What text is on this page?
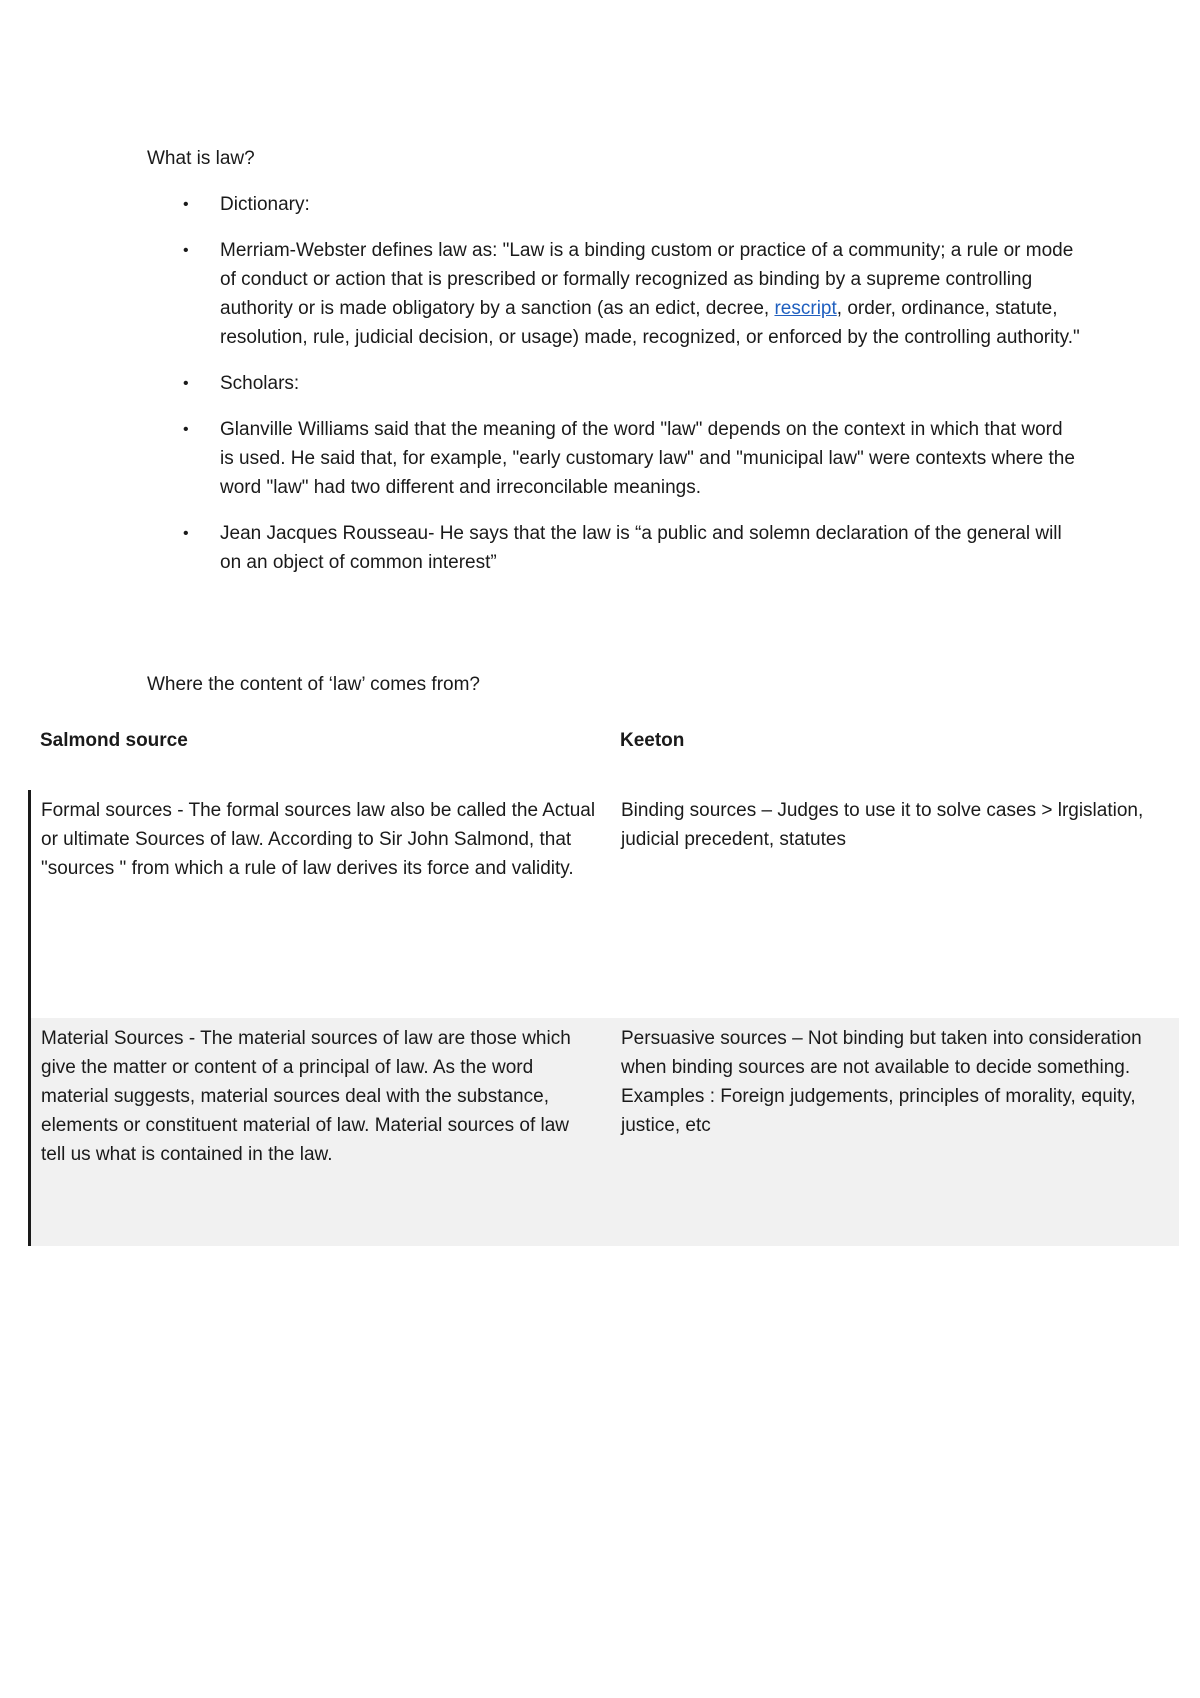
What is law?

• Dictionary:
• Merriam-Webster defines law as: "Law is a binding custom or practice of a community; a rule or mode of conduct or action that is prescribed or formally recognized as binding by a supreme controlling authority or is made obligatory by a sanction (as an edict, decree, rescript, order, ordinance, statute, resolution, rule, judicial decision, or usage) made, recognized, or enforced by the controlling authority."
• Scholars:
• Glanville Williams said that the meaning of the word "law" depends on the context in which that word is used. He said that, for example, "early customary law" and "municipal law" were contexts where the word "law" had two different and irreconcilable meanings.
• Jean Jacques Rousseau- He says that the law is “a public and solemn declaration of the general will on an object of common interest”

Where the content of ‘law’ comes from?

Salmond source	Keeton
Formal sources - The formal sources law also be called the Actual or ultimate Sources of law. According to Sir John Salmond, that "sources " from which a rule of law derives its force and validity.
Binding sources – Judges to use it to solve cases > lrgislation, judicial precedent, statutes
Material Sources - The material sources of law are those which give the matter or content of a principal of law. As the word material suggests, material sources deal with the substance, elements or constituent material of law. Material sources of law tell us what is contained in the law.
Persuasive sources – Not binding but taken into consideration when binding sources are not available to decide something. Examples : Foreign judgements, principles of morality, equity, justice, etc
